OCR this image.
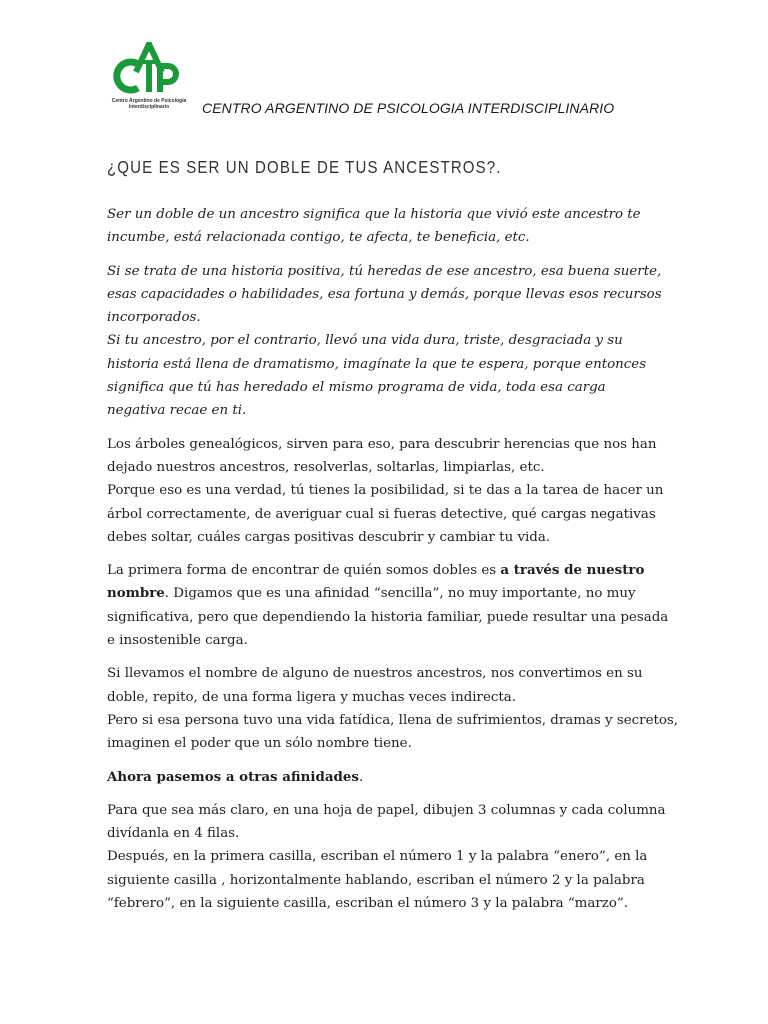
Centro Argentino de Psicología
Interdisciplinario	CENTRO ARGENTINO DE PSICOLOGIA INTERDISCIPLINARIO
¿QUE ES SER UN DOBLE DE TUS ANCESTROS?.

Ser un doble de un ancestro significa que la historia que vivió este ancestro te
incumbe, está relacionada contigo, te afecta, te beneficia, etc.

Si se trata de una historia positiva, tú heredas de ese ancestro, esa buena suerte,
esas capacidades o habilidades, esa fortuna y demás, porque llevas esos recursos
incorporados.
Si tu ancestro, por el contrario, llevó una vida dura, triste, desgraciada y su
historia está llena de dramatismo, imagínate la que te espera, porque entonces
significa que tú has heredado el mismo programa de vida, toda esa carga
negativa recae en ti.

Los árboles genealógicos, sirven para eso, para descubrir herencias que nos han
dejado nuestros ancestros, resolverlas, soltarlas, limpiarlas, etc.
Porque eso es una verdad, tú tienes la posibilidad, si te das a la tarea de hacer un
árbol correctamente, de averiguar cual si fueras detective, qué cargas negativas
debes soltar, cuáles cargas positivas descubrir y cambiar tu vida.

La primera forma de encontrar de quién somos dobles es a través de nuestro
nombre. Digamos que es una afinidad “sencilla”, no muy importante, no muy
significativa, pero que dependiendo la historia familiar, puede resultar una pesada
e insostenible carga.

Si llevamos el nombre de alguno de nuestros ancestros, nos convertimos en su
doble, repito, de una forma ligera y muchas veces indirecta.
Pero si esa persona tuvo una vida fatídica, llena de sufrimientos, dramas y secretos,
imaginen el poder que un sólo nombre tiene.

Ahora pasemos a otras afinidades.

Para que sea más claro, en una hoja de papel, dibujen 3 columnas y cada columna
divídanla en 4 filas.
Después, en la primera casilla, escriban el número 1 y la palabra “enero”, en la
siguiente casilla , horizontalmente hablando, escriban el número 2 y la palabra
“febrero”, en la siguiente casilla, escriban el número 3 y la palabra “marzo”.
